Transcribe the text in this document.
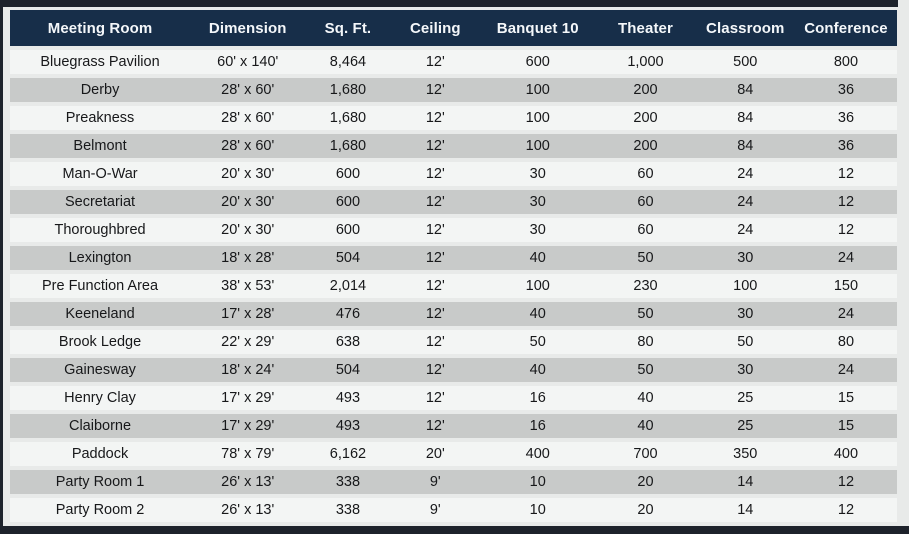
Meeting Room	Dimension	Sq. Ft.	Ceiling	Banquet 10	Theater	Classroom	Conference
Bluegrass Pavilion	60' x 140'	8,464	12'	600	1,000	500	800
Derby	28' x 60'	1,680	12'	100	200	84	36
Preakness	28' x 60'	1,680	12'	100	200	84	36
Belmont	28' x 60'	1,680	12'	100	200	84	36
Man-O-War	20' x 30'	600	12'	30	60	24	12
Secretariat	20' x 30'	600	12'	30	60	24	12
Thoroughbred	20' x 30'	600	12'	30	60	24	12
Lexington	18' x 28'	504	12'	40	50	30	24
Pre Function Area	38' x 53'	2,014	12'	100	230	100	150
Keeneland	17' x 28'	476	12'	40	50	30	24
Brook Ledge	22' x 29'	638	12'	50	80	50	80
Gainesway	18' x 24'	504	12'	40	50	30	24
Henry Clay	17' x 29'	493	12'	16	40	25	15
Claiborne	17' x 29'	493	12'	16	40	25	15
Paddock	78' x 79'	6,162	20'	400	700	350	400
Party Room 1	26' x 13'	338	9'	10	20	14	12
Party Room 2	26' x 13'	338	9'	10	20	14	12
